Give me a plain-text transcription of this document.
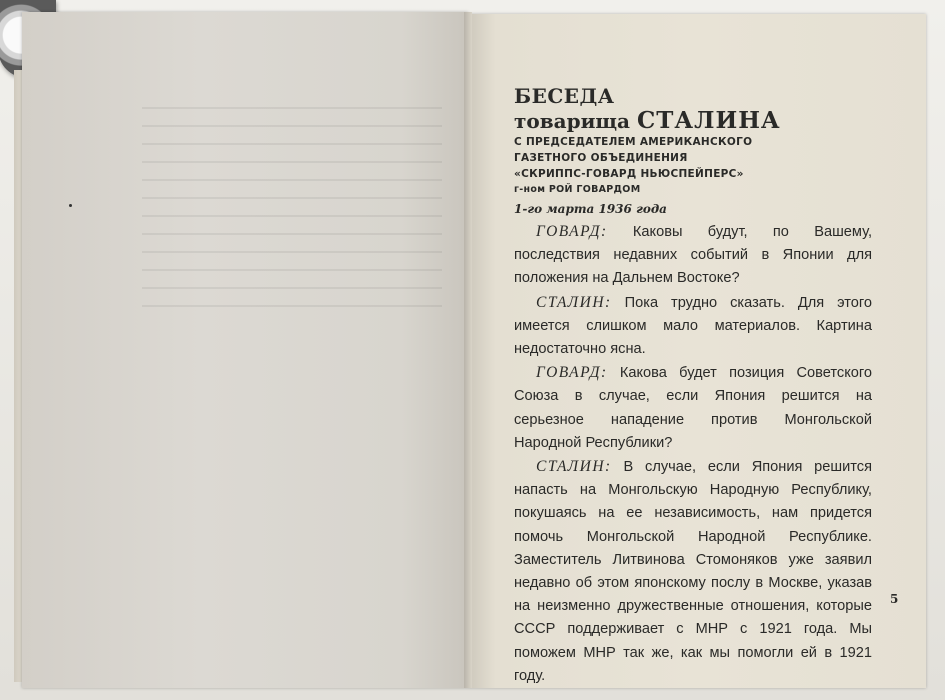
БЕСЕДА
товарища СТАЛИНА
С ПРЕДСЕДАТЕЛЕМ АМЕРИКАНСКОГО
ГАЗЕТНОГО ОБЪЕДИНЕНИЯ
«СКРИППС-ГОВАРД НЬЮСПЕЙПЕРС»
г-ном РОЙ ГОВАРДОМ
1-го марта 1936 года

ГОВАРД: Каковы будут, по Вашему, последствия недавних событий в Японии для положения на Дальнем Востоке?

СТАЛИН: Пока трудно сказать. Для этого имеется слишком мало материалов. Картина недостаточно ясна.

ГОВАРД: Какова будет позиция Советского Союза в случае, если Япония решится на серьезное нападение против Монгольской Народной Республики?

СТАЛИН: В случае, если Япония решится напасть на Монгольскую Народную Республику, покушаясь на ее независимость, нам придется помочь Монгольской Народной Республике. Заместитель Литвинова Стомоняков уже заявил недавно об этом японскому послу в Москве, указав на неизменно дружественные отношения, которые СССР поддерживает с МНР с 1921 года. Мы поможем МНР так же, как мы помогли ей в 1921 году.

5
